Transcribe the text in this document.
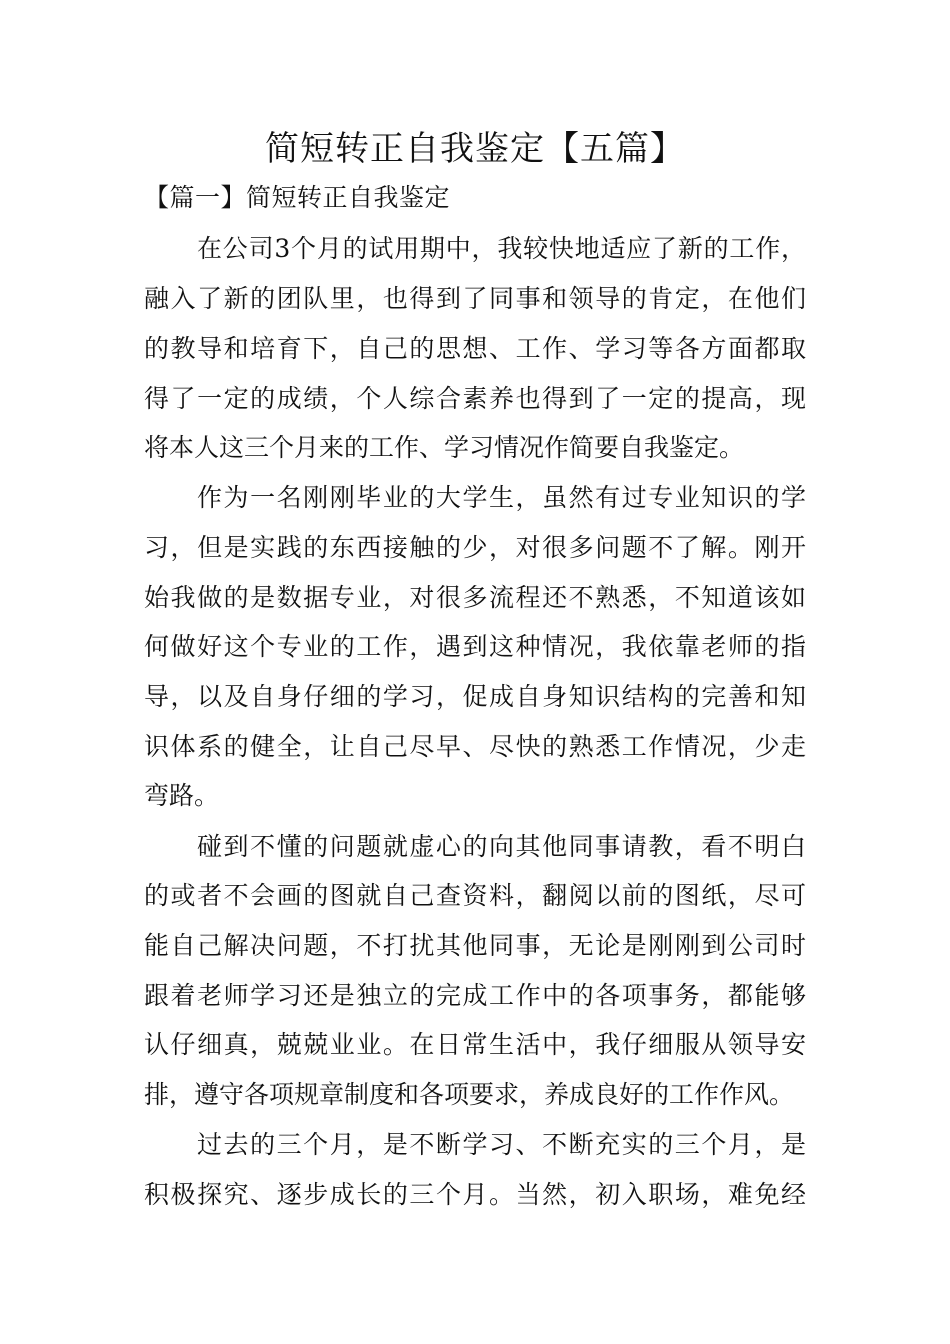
简短转正自我鉴定【五篇】
【篇一】简短转正自我鉴定
在公司3个月的试用期中，我较快地适应了新的工作，
融入了新的团队里，也得到了同事和领导的肯定，在他们
的教导和培育下，自己的思想、工作、学习等各方面都取
得了一定的成绩，个人综合素养也得到了一定的提高，现
将本人这三个月来的工作、学习情况作简要自我鉴定。
作为一名刚刚毕业的大学生，虽然有过专业知识的学
习，但是实践的东西接触的少，对很多问题不了解。刚开
始我做的是数据专业，对很多流程还不熟悉，不知道该如
何做好这个专业的工作，遇到这种情况，我依靠老师的指
导，以及自身仔细的学习，促成自身知识结构的完善和知
识体系的健全，让自己尽早、尽快的熟悉工作情况，少走
弯路。
碰到不懂的问题就虚心的向其他同事请教，看不明白
的或者不会画的图就自己查资料，翻阅以前的图纸，尽可
能自己解决问题，不打扰其他同事，无论是刚刚到公司时
跟着老师学习还是独立的完成工作中的各项事务，都能够
认仔细真，兢兢业业。在日常生活中，我仔细服从领导安
排，遵守各项规章制度和各项要求，养成良好的工作作风。
过去的三个月，是不断学习、不断充实的三个月，是
积极探究、逐步成长的三个月。当然，初入职场，难免经
